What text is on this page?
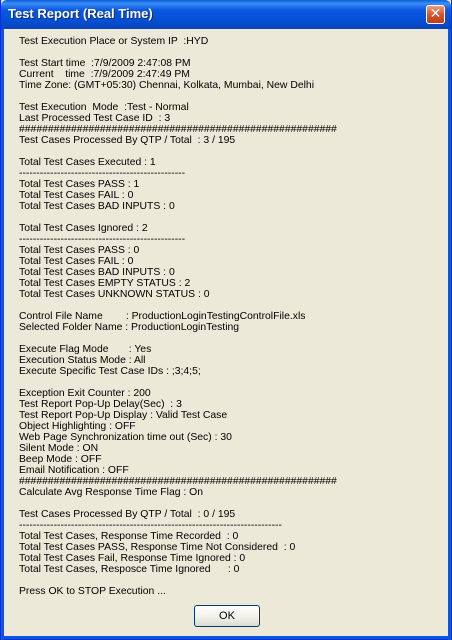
Test Report (Real Time)	✕
Test Execution Place or System IP  :HYD
Test Start time  :7/9/2009 2:47:08 PM
Current    time  :7/9/2009 2:47:49 PM
Time Zone: (GMT+05:30) Chennai, Kolkata, Mumbai, New Delhi
Test Execution  Mode  :Test - Normal
Last Processed Test Case ID  : 3
#######################################################
Test Cases Processed By QTP / Total  : 3 / 195
Total Test Cases Executed : 1
------------------------------------------------
Total Test Cases PASS : 1
Total Test Cases FAIL : 0
Total Test Cases BAD INPUTS : 0
Total Test Cases Ignored : 2
------------------------------------------------
Total Test Cases PASS : 0
Total Test Cases FAIL : 0
Total Test Cases BAD INPUTS : 0
Total Test Cases EMPTY STATUS : 2
Total Test Cases UNKNOWN STATUS : 0
Control File Name        : ProductionLoginTestingControlFile.xls
Selected Folder Name : ProductionLoginTesting
Execute Flag Mode       : Yes
Execution Status Mode : All
Execute Specific Test Case IDs : ;3;4;5;
Exception Exit Counter : 200
Test Report Pop-Up Delay(Sec)  : 3
Test Report Pop-Up Display : Valid Test Case
Object Highlighting : OFF
Web Page Synchronization time out (Sec) : 30
Silent Mode : ON
Beep Mode : OFF
Email Notification : OFF
#######################################################
Calculate Avg Response Time Flag : On
Test Cases Processed By QTP / Total  : 0 / 195
----------------------------------------------------------------------------
Total Test Cases, Response Time Recorded  : 0
Total Test Cases PASS, Response Time Not Considered  : 0
Total Test Cases Fail, Response Time Ignored : 0
Total Test Cases, Resposce Time Ignored      : 0
Press OK to STOP Execution ...
OK
